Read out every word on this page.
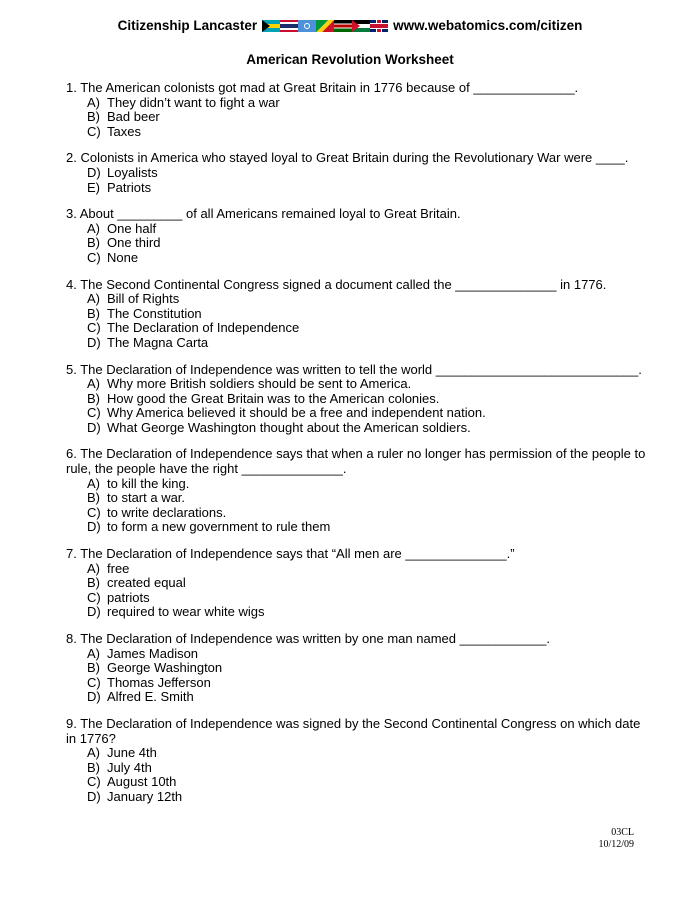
Citizenship Lancaster	www.webatomics.com/citizen
American Revolution Worksheet
1. The American colonists got mad at Great Britain in 1776 because of ______________.
A) They didn’t want to fight a war
B) Bad beer
C) Taxes
2. Colonists in America who stayed loyal to Great Britain during the Revolutionary War were ____.
D) Loyalists
E) Patriots
3. About _________ of all Americans remained loyal to Great Britain.
A) One half
B) One third
C) None
4. The Second Continental Congress signed a document called the ______________ in 1776.
A) Bill of Rights
B) The Constitution
C) The Declaration of Independence
D) The Magna Carta
5. The Declaration of Independence was written to tell the world ____________________________.
A) Why more British soldiers should be sent to America.
B) How good the Great Britain was to the American colonies.
C) Why America believed it should be a free and independent nation.
D) What George Washington thought about the American soldiers.
6. The Declaration of Independence says that when a ruler no longer has permission of the people to rule, the people have the right ______________.
A) to kill the king.
B) to start a war.
C) to write declarations.
D) to form a new government to rule them
7. The Declaration of Independence says that “All men are ______________.”
A) free
B) created equal
C) patriots
D) required to wear white wigs
8. The Declaration of Independence was written by one man named ____________.
A) James Madison
B) George Washington
C) Thomas Jefferson
D) Alfred E. Smith
9. The Declaration of Independence was signed by the Second Continental Congress on which date in 1776?
A) June 4th
B) July 4th
C) August 10th
D) January 12th
03CL
10/12/09
